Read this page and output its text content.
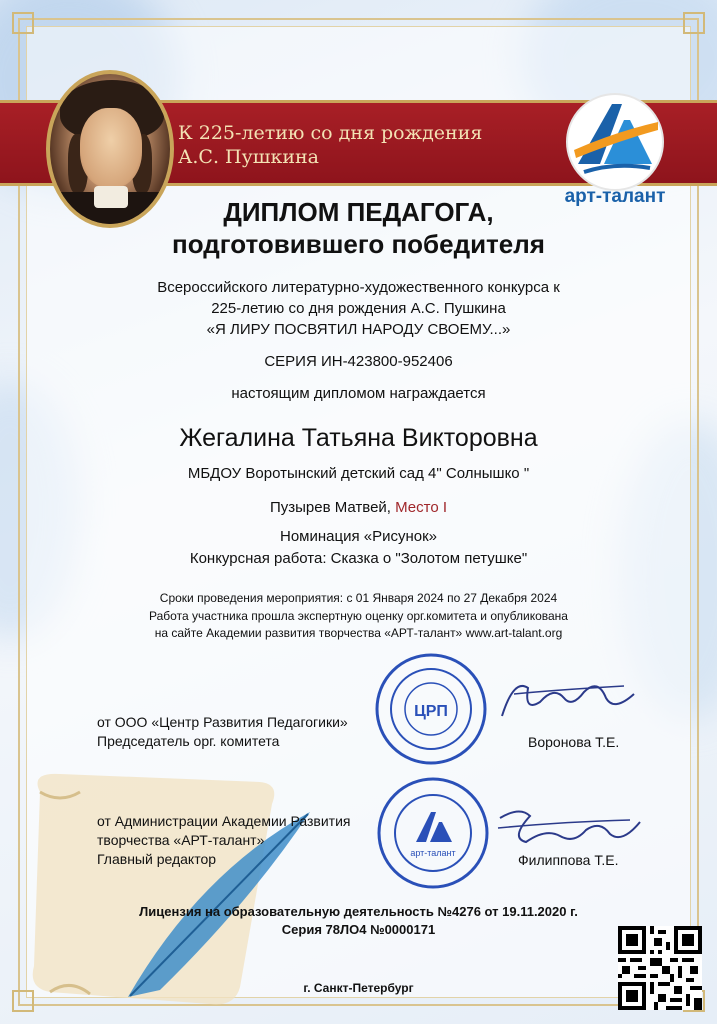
К 225-летию со дня рождения
А.С. Пушкина
арт-талант
ДИПЛОМ ПЕДАГОГА,
подготовившего победителя
Всероссийского литературно-художественного конкурса к
225-летию со дня рождения А.С. Пушкина
«Я ЛИРУ ПОСВЯТИЛ НАРОДУ СВОЕМУ...»
СЕРИЯ ИН-423800-952406
настоящим дипломом награждается
Жегалина Татьяна Викторовна
МБДОУ Воротынский детский сад 4" Солнышко "
Пузырев Матвей, Место I
Номинация «Рисунок»
Конкурсная работа: Сказка о "Золотом петушке"
Сроки проведения мероприятия: с 01 Января 2024 по 27 Декабря 2024
Работа участника прошла экспертную оценку орг.комитета и опубликована
на сайте Академии развития творчества «АРТ-талант» www.art-talant.org
от ООО «Центр Развития Педагогики»
Председатель орг. комитета
ЦРП
Воронова Т.Е.
от Администрации Академии Развития
творчества «АРТ-талант»
Главный редактор	арт-талант	Филиппова Т.Е.
Лицензия на образовательную деятельность №4276 от 19.11.2020 г.
Серия 78ЛО4 №0000171
г. Санкт-Петербург
